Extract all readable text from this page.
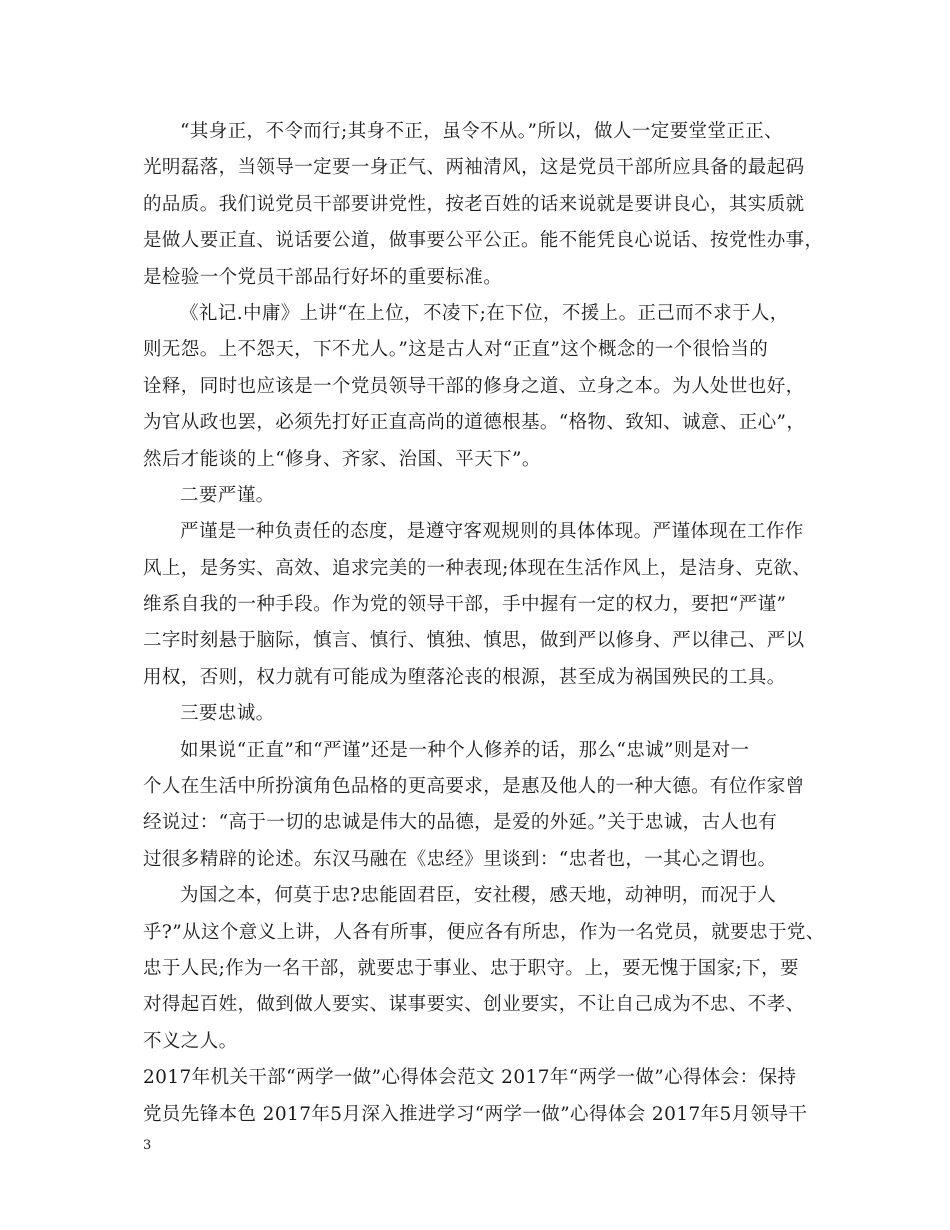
“其身正，不令而行;其身不正，虽令不从。”所以，做人一定要堂堂正正、
光明磊落，当领导一定要一身正气、两袖清风，这是党员干部所应具备的最起码
的品质。我们说党员干部要讲党性，按老百姓的话来说就是要讲良心，其实质就
是做人要正直、说话要公道，做事要公平公正。能不能凭良心说话、按党性办事，
是检验一个党员干部品行好坏的重要标准。
《礼记.中庸》上讲“在上位，不凌下;在下位，不援上。正己而不求于人，
则无怨。上不怨天，下不尤人。”这是古人对“正直”这个概念的一个很恰当的
诠释，同时也应该是一个党员领导干部的修身之道、立身之本。为人处世也好，
为官从政也罢，必须先打好正直高尚的道德根基。“格物、致知、诚意、正心”，
然后才能谈的上“修身、齐家、治国、平天下”。
二要严谨。
严谨是一种负责任的态度，是遵守客观规则的具体体现。严谨体现在工作作
风上，是务实、高效、追求完美的一种表现;体现在生活作风上，是洁身、克欲、
维系自我的一种手段。作为党的领导干部，手中握有一定的权力，要把“严谨”
二字时刻悬于脑际，慎言、慎行、慎独、慎思，做到严以修身、严以律己、严以
用权，否则，权力就有可能成为堕落沦丧的根源，甚至成为祸国殃民的工具。
三要忠诚。
如果说“正直”和“严谨”还是一种个人修养的话，那么“忠诚”则是对一
个人在生活中所扮演角色品格的更高要求，是惠及他人的一种大德。有位作家曾
经说过：“高于一切的忠诚是伟大的品德，是爱的外延。”关于忠诚，古人也有
过很多精辟的论述。东汉马融在《忠经》里谈到：“忠者也，一其心之谓也。
为国之本，何莫于忠?忠能固君臣，安社稷，感天地，动神明，而况于人
乎?”从这个意义上讲，人各有所事，便应各有所忠，作为一名党员，就要忠于党、
忠于人民;作为一名干部，就要忠于事业、忠于职守。上，要无愧于国家;下，要
对得起百姓，做到做人要实、谋事要实、创业要实，不让自己成为不忠、不孝、
不义之人。
2017年机关干部“两学一做”心得体会范文 2017年“两学一做”心得体会：保持
党员先锋本色 2017年5月深入推进学习“两学一做”心得体会 2017年5月领导干
3
